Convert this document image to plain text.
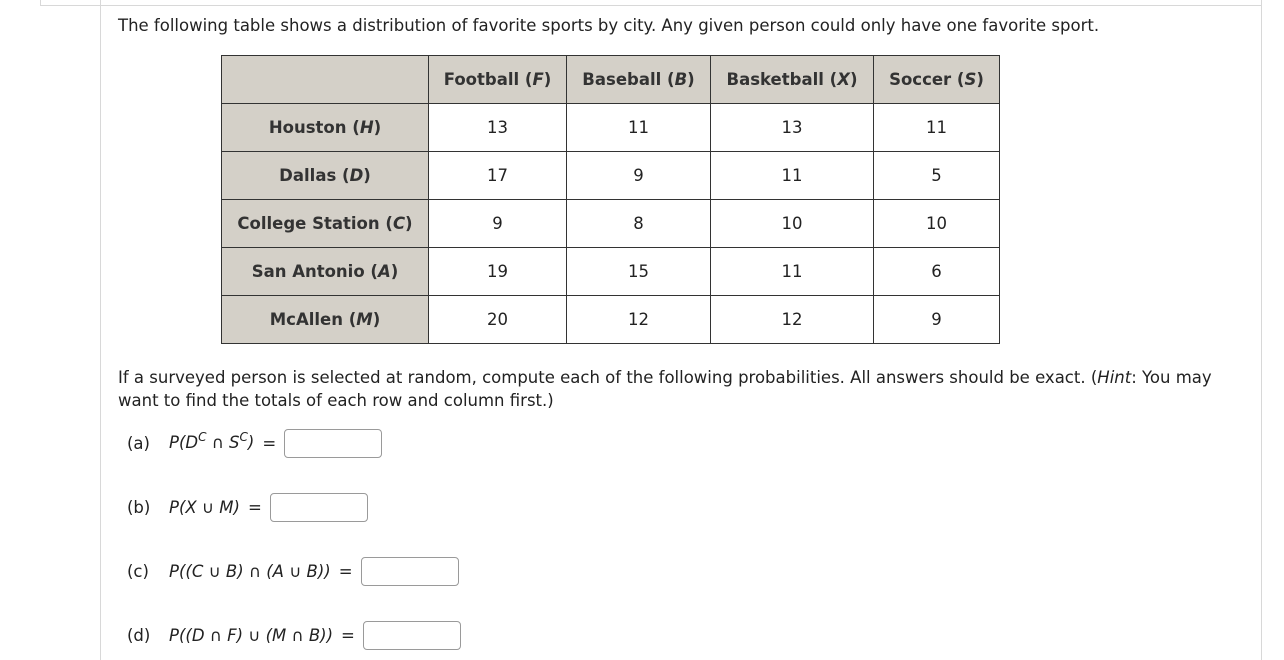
The following table shows a distribution of favorite sports by city. Any given person could only have one favorite sport.
	Football (F)	Baseball (B)	Basketball (X)	Soccer (S)
Houston (H)	13	11	13	11
Dallas (D)	17	9	11	5
College Station (C)	9	8	10	10
San Antonio (A)	19	15	11	6
McAllen (M)	20	12	12	9
If a surveyed person is selected at random, compute each of the following probabilities. All answers should be exact. (Hint: You may want to find the totals of each row and column first.)
(a)	$P(D^C$ ∩ $S^C$) =
(b)	P(X ∪ M) =
(c)	P((C ∪ B) ∩ (A ∪ B)) =
(d)	P((D ∩ F) ∪ (M ∩ B)) =
